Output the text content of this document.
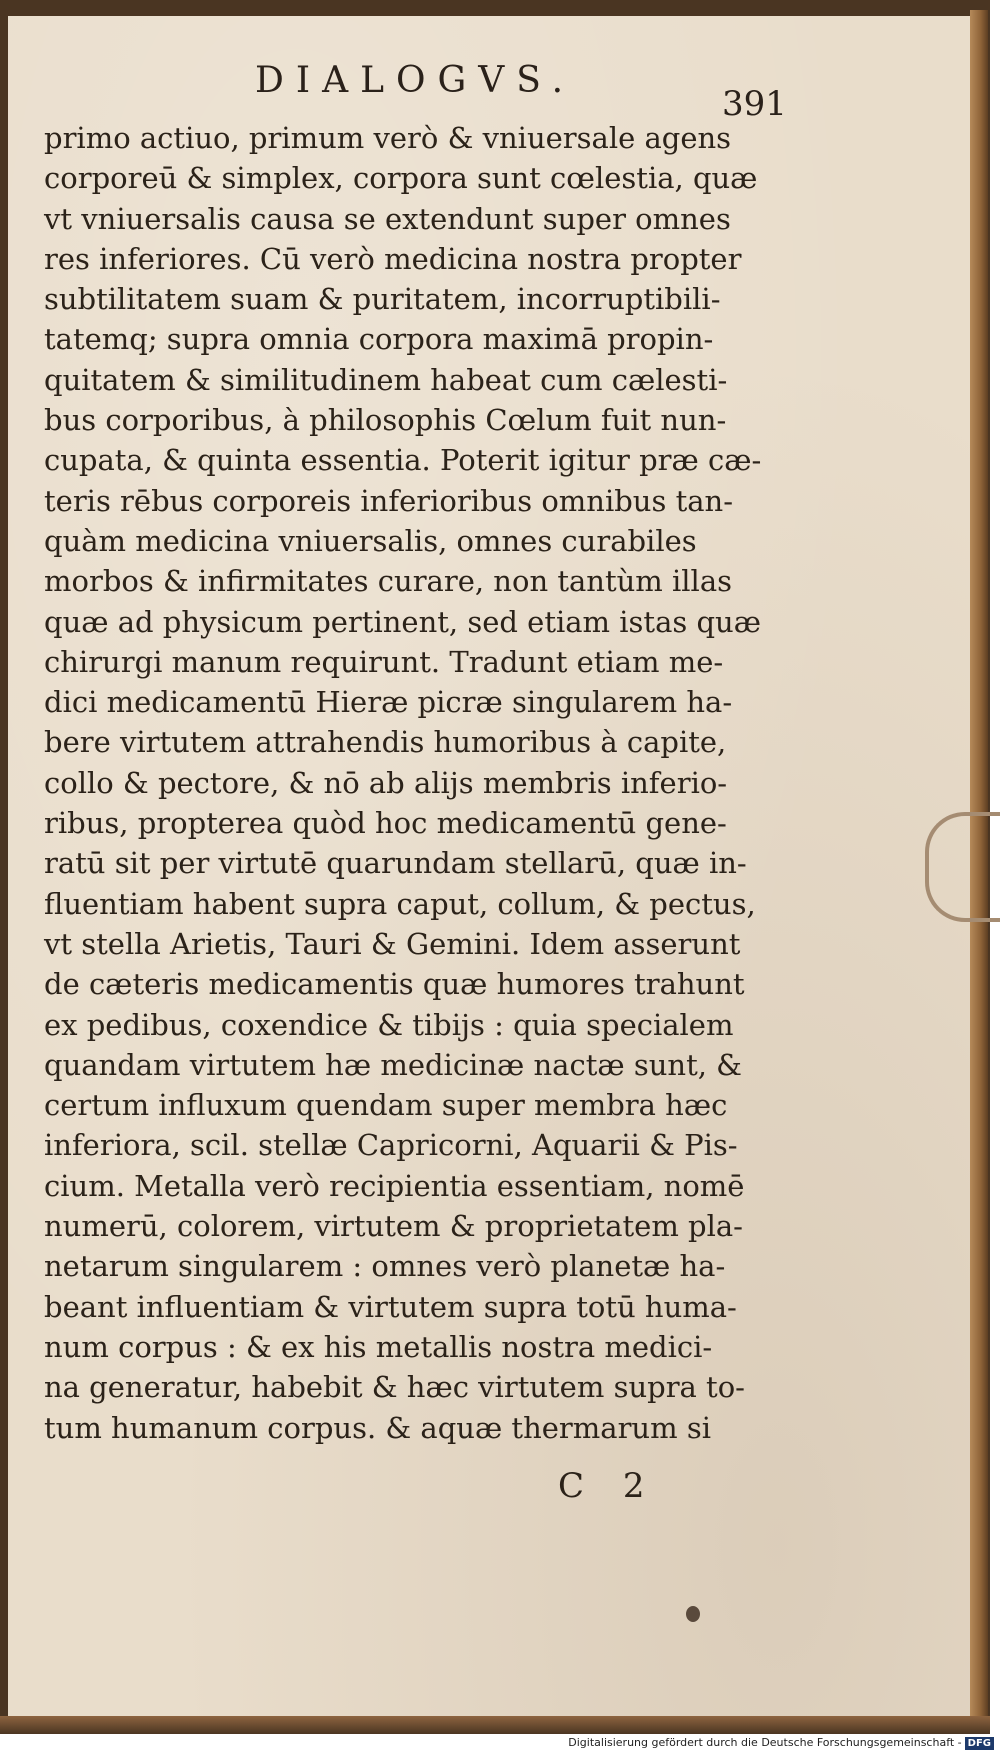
DIALOGVS.
391
primo actiuo, primum verò & vniuersale agens
corporeū & simplex, corpora sunt cœlestia, quæ
vt vniuersalis causa se extendunt super omnes
res inferiores. Cū verò medicina nostra propter
subtilitatem suam & puritatem, incorruptibili-
tatemq; supra omnia corpora maximā propin-
quitatem & similitudinem habeat cum cælesti-
bus corporibus, à philosophis Cœlum fuit nun-
cupata, & quinta essentia. Poterit igitur præ cæ-
teris rēbus corporeis inferioribus omnibus tan-
quàm medicina vniuersalis, omnes curabiles
morbos & infirmitates curare, non tantùm illas
quæ ad physicum pertinent, sed etiam istas quæ
chirurgi manum requirunt. Tradunt etiam me-
dici medicamentū Hieræ picræ singularem ha-
bere virtutem attrahendis humoribus à capite,
collo & pectore, & nō ab alijs membris inferio-
ribus, propterea quòd hoc medicamentū gene-
ratū sit per virtutē quarundam stellarū, quæ in-
fluentiam habent supra caput, collum, & pectus,
vt stella Arietis, Tauri & Gemini. Idem asserunt
de cæteris medicamentis quæ humores trahunt
ex pedibus, coxendice & tibijs : quia specialem
quandam virtutem hæ medicinæ nactæ sunt, &
certum influxum quendam super membra hæc
inferiora, scil. stellæ Capricorni, Aquarii & Pis-
cium. Metalla verò recipientia essentiam, nomē
numerū, colorem, virtutem & proprietatem pla-
netarum singularem : omnes verò planetæ ha-
beant influentiam & virtutem supra totū huma-
num corpus : & ex his metallis nostra medici-
na generatur, habebit & hæc virtutem supra to-
tum humanum corpus. & aquæ thermarum si
C 2
Digitalisierung gefördert durch die Deutsche Forschungsgemeinschaft - DFG
